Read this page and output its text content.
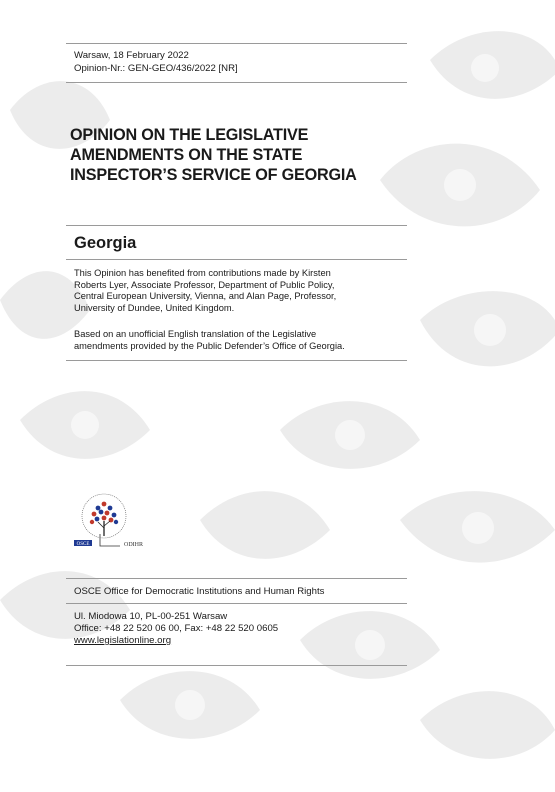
Warsaw, 18 February 2022
Opinion-Nr.: GEN-GEO/436/2022 [NR]
OPINION ON THE LEGISLATIVE
AMENDMENTS ON THE STATE
INSPECTOR’S SERVICE OF GEORGIA
Georgia
This Opinion has benefited from contributions made by Kirsten
Roberts Lyer, Associate Professor, Department of Public Policy,
Central European University, Vienna, and Alan Page, Professor,
University of Dundee, United Kingdom.
Based on an unofficial English translation of the Legislative
amendments provided by the Public Defender’s Office of Georgia.
OSCE	ODIHR
OSCE Office for Democratic Institutions and Human Rights
Ul. Miodowa 10, PL-00-251 Warsaw
Office: +48 22 520 06 00, Fax: +48 22 520 0605
www.legislationline.org
